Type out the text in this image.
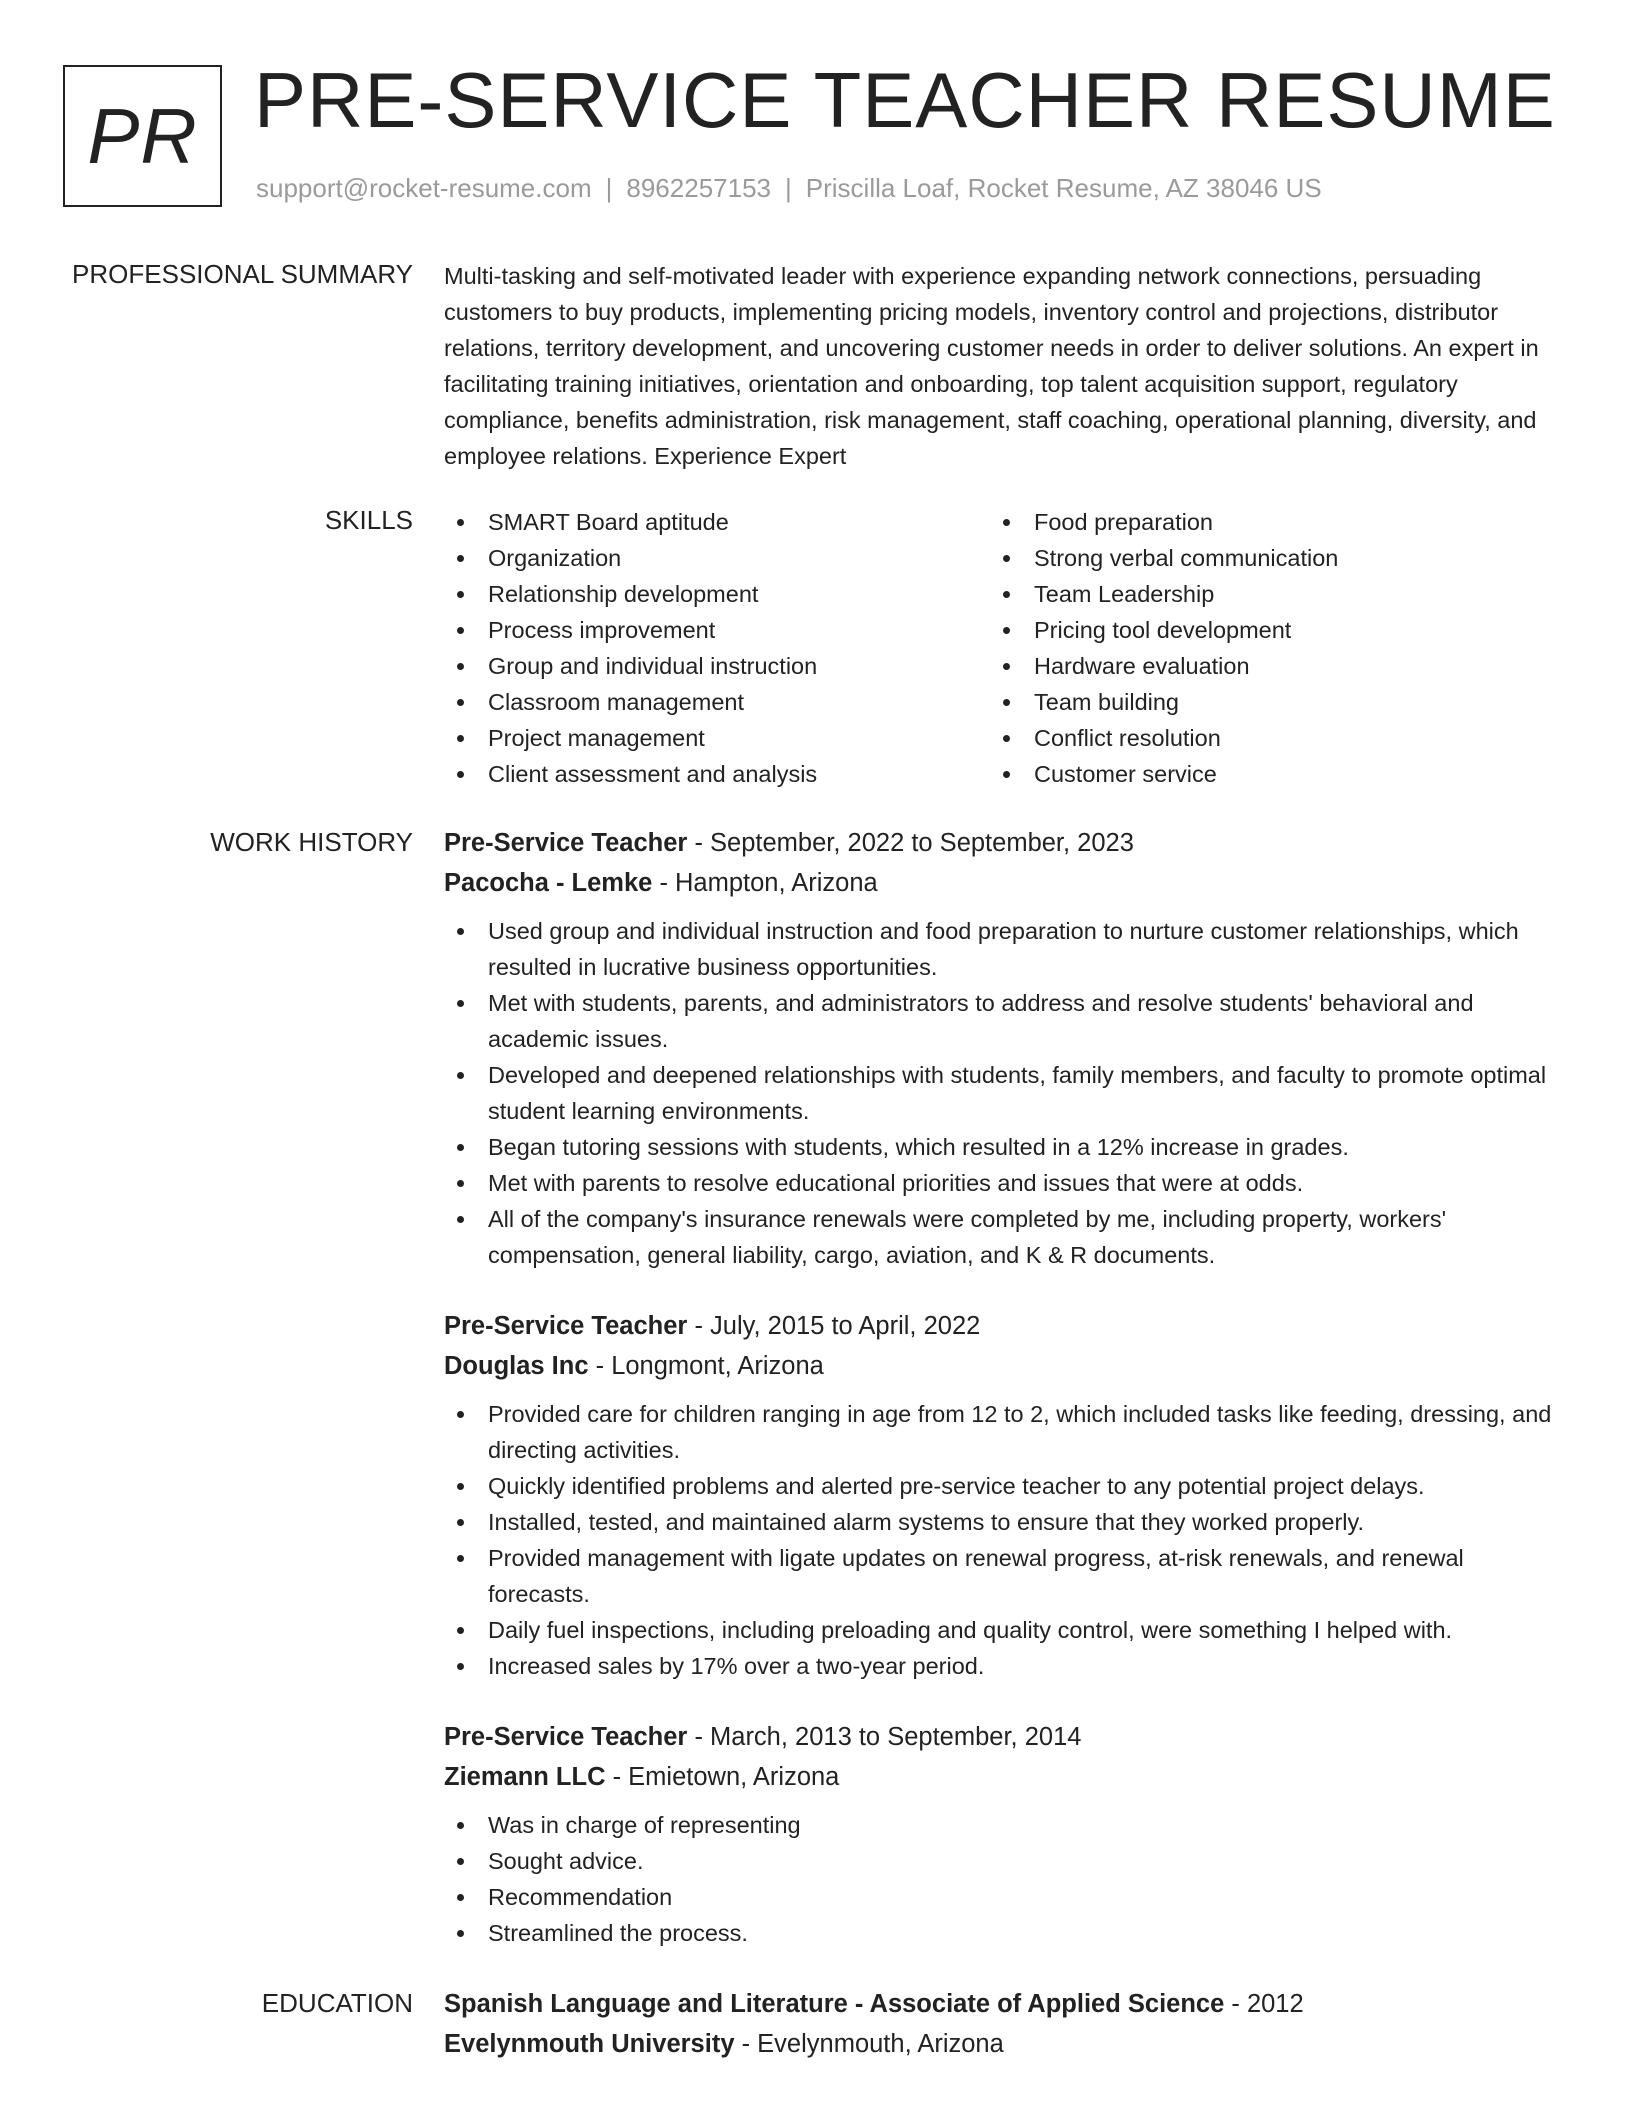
PR PRE-SERVICE TEACHER RESUME
support@rocket-resume.com | 8962257153 | Priscilla Loaf, Rocket Resume, AZ 38046 US
PROFESSIONAL SUMMARY Multi-tasking and self-motivated leader with experience expanding network connections, persuading customers to buy products, implementing pricing models, inventory control and projections, distributor relations, territory development, and uncovering customer needs in order to deliver solutions. An expert in facilitating training initiatives, orientation and onboarding, top talent acquisition support, regulatory compliance, benefits administration, risk management, staff coaching, operational planning, diversity, and employee relations. Experience Expert
SKILLS	SMART Board aptitude
Organization
Relationship development
Process improvement
Group and individual instruction
Classroom management
Project management
Client assessment and analysis
Food preparation
Strong verbal communication
Team Leadership
Pricing tool development
Hardware evaluation
Team building
Conflict resolution
Customer service
WORK HISTORY Pre-Service Teacher - September, 2022 to September, 2023
Pacocha - Lemke - Hampton, Arizona
Used group and individual instruction and food preparation to nurture customer relationships, which resulted in lucrative business opportunities.
Met with students, parents, and administrators to address and resolve students' behavioral and academic issues.
Developed and deepened relationships with students, family members, and faculty to promote optimal student learning environments.
Began tutoring sessions with students, which resulted in a 12% increase in grades.
Met with parents to resolve educational priorities and issues that were at odds.
All of the company's insurance renewals were completed by me, including property, workers' compensation, general liability, cargo, aviation, and K & R documents.
Pre-Service Teacher - July, 2015 to April, 2022
Douglas Inc - Longmont, Arizona
Provided care for children ranging in age from 12 to 2, which included tasks like feeding, dressing, and directing activities.
Quickly identified problems and alerted pre-service teacher to any potential project delays.
Installed, tested, and maintained alarm systems to ensure that they worked properly.
Provided management with ligate updates on renewal progress, at-risk renewals, and renewal forecasts.
Daily fuel inspections, including preloading and quality control, were something I helped with.
Increased sales by 17% over a two-year period.
Pre-Service Teacher - March, 2013 to September, 2014
Ziemann LLC - Emietown, Arizona
Was in charge of representing
Sought advice.
Recommendation
Streamlined the process.
EDUCATION Spanish Language and Literature - Associate of Applied Science - 2012
Evelynmouth University - Evelynmouth, Arizona
